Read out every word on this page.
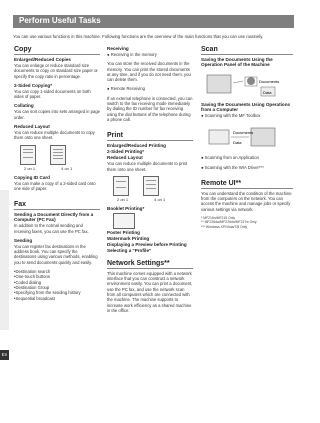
Perform Useful Tasks
You can use various functions in this machine. Following functions are the overview of the main functions that you can use routinely.
Copy
Enlarged/Reduced Copies

You can enlarge or reduce standard size documents to copy on standard size paper or specify the copy ratio in percentage.

2-Sided Copying*

You can copy 1-sided documents on both sides of paper.

Collating

You can sort copies into sets arranged in page order.

Reduced Layout

You can reduce multiple documents to copy them onto one sheet.

2 on 1	4 on 1
Copying ID Card

You can make a copy of a 2-sided card onto one side of paper.

Fax
Sending a Document Directly from a Computer (PC Fax)

In addition to the normal sending and receiving faxes, you can use the PC fax.

Sending

You can register fax destinations in the address book. You can specify the destinations using various methods, enabling you to send documents quickly and easily.

• Destination search
• One-touch buttons
• Coded dialing
• Destination Group
• Specifying from the sending history
• Sequential broadcast
Receiving
● Receiving in the memory

You can store the received documents in the memory. You can print the stored documents at any time, and if you do not need them, you can delete them.

● Remote Receiving

If an external telephone is connected, you can switch to the fax receiving mode immediately by dialing the ID number for fax receiving using the dial buttons of the telephone during a phone call.

Print
Enlarged/Reduced Printing
2-Sided Printing*
Reduced Layout

You can reduce multiple documents to print them onto one sheet.

2 on 1	4 on 1
Booklet Printing*
Poster Printing
Watermark Printing
Displaying a Preview before Printing
Selecting a "Profile"
Network Settings**

This machine comes equipped with a network interface that you can construct a network environment easily. You can print a document, use the PC fax, and use the network scan from all computers which are connected with the machine. The machine supports to increase work efficiency as a shared machine in the office.

Scan
Saving the Documents Using the Operation Panel of the Machine
Documents
Data
Saving the Documents Using Operations from a Computer
● Scanning with the MF Toolbox
Documents
Data
● Scanning from an Application
● Scanning with the WIA Driver***
Remote UI**

You can understand the condition of the machine from the computers on the network. You can access the machine and manage jobs or specify various settings via network.

* MF216n/MF215 Only
** MF226dw/MF226dn/MF217w Only
*** Windows XP/Vista/7/8 Only
En
